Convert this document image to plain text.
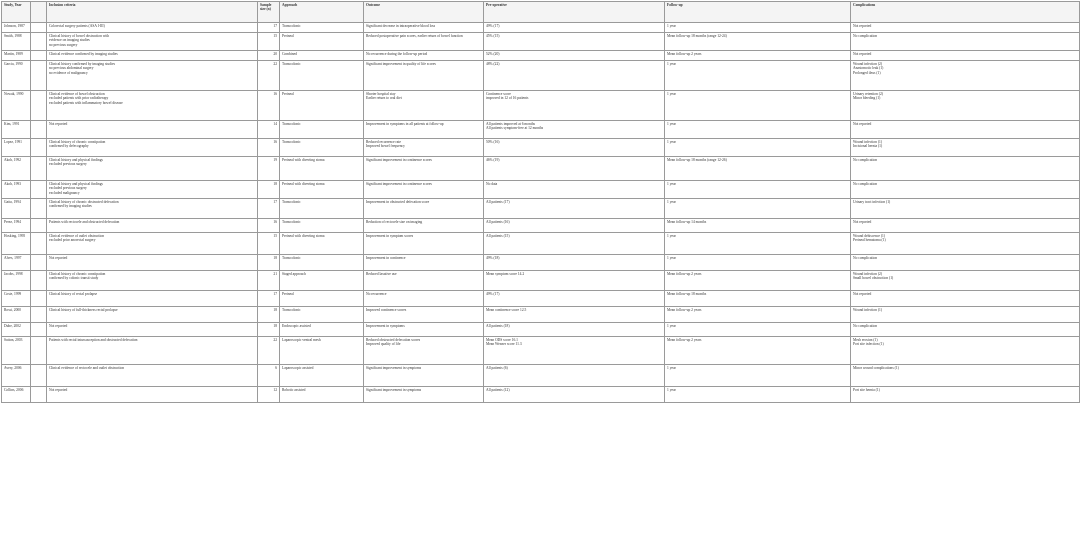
Study, Year		Inclusion criteria	Sample size (n)	Approach	Outcome	Pre-operative	Follow-up	Complications
Johnson, 1987		Colorectal surgery patients (ASA I-III)	17	Transcolonic	Significant decrease in intraoperative blood loss	49% (17)	1 year	Not reported

Smith, 1988		Clinical history of bowel obstruction with
evidence on imaging studies
no previous surgery	15	Perineal	Reduced postoperative pain scores, earlier return of bowel function	45% (15)	Mean follow-up 18 months (range 12-24)	No complication

Martin, 1989		Clinical evidence confirmed by imaging studies	20	Combined	No recurrence during the follow-up period	52% (20)	Mean follow-up 2 years	Not reported

Garcia, 1990		Clinical history confirmed by imaging studies
no previous abdominal surgery
no evidence of malignancy	22	Transcolonic	Significant improvement in quality of life scores	48% (22)	1 year	Wound infection (2)
Anastomotic leak (1)
Prolonged ileus (1)

Nowak, 1990		Clinical evidence of bowel obstruction
excluded patients with prior radiotherapy
excluded patients with inflammatory bowel disease	16	Perineal	Shorter hospital stay
Earlier return to oral diet	Continence score
improved in 12 of 16 patients	1 year	Urinary retention (2)
Minor bleeding (1)

Kim, 1991		Not reported	14	Transcolonic	Improvement in symptoms in all patients at follow-up	All patients improved at 6 months
All patients symptom-free at 12 months	1 year	Not reported

Lopez, 1991		Clinical history of chronic constipation
confirmed by defecography	16	Transcolonic	Reduced recurrence rate
Improved bowel frequency	50% (16)	1 year	Wound infection (1)
Incisional hernia (1)

Akoh, 1992		Clinical history and physical findings
excluded previous surgery	19	Perineal with diverting stoma	Significant improvement in continence scores	46% (19)	Mean follow-up 18 months (range 12-26)	No complication

Akoh, 1993		Clinical history and physical findings
excluded previous surgery
excluded malignancy	18	Perineal with diverting stoma	Significant improvement in continence scores	No data	1 year	No complication

Gatta, 1994		Clinical history of chronic obstructed defecation
confirmed by imaging studies	17	Transcolonic	Improvement in obstructed defecation score	All patients (17)	1 year	Urinary tract infection (1)

Perez, 1994		Patients with rectocele and obstructed defecation	16	Transcolonic	Reduction of rectocele size on imaging	All patients (16)	Mean follow-up 14 months	Not reported

Hosking, 1995		Clinical evidence of outlet obstruction
excluded prior anorectal surgery	15	Perineal with diverting stoma	Improvement in symptom scores	All patients (15)	1 year	Wound dehiscence (1)
Perineal hematoma (1)

Alves, 1997		Not reported	18	Transcolonic	Improvement in continence	49% (18)	1 year	No complication

Jacobs, 1998		Clinical history of chronic constipation
confirmed by colonic transit study	21	Staged approach	Reduced laxative use	Mean symptom score 14.2	Mean follow-up 2 years	Wound infection (2)
Small bowel obstruction (1)

Coste, 1999		Clinical history of rectal prolapse	17	Perineal	No recurrence	49% (17)	Mean follow-up 18 months	Not reported

Rossi, 2000		Clinical history of full-thickness rectal prolapse	18	Transcolonic	Improved continence scores	Mean continence score 12.5	Mean follow-up 2 years	Wound infection (1)

Dube, 2002		Not reported	18	Endoscopic assisted	Improvement in symptoms	All patients (18)	1 year	No complication

Sutton, 2003		Patients with rectal intussusception and obstructed defecation	22	Laparoscopic ventral mesh	Reduced obstructed defecation scores
Improved quality of life	Mean ODS score 16.1
Mean Wexner score 11.3	Mean follow-up 2 years	Mesh erosion (1)
Port site infection (1)

Avery, 2006		Clinical evidence of rectocele and outlet obstruction	6	Laparoscopic assisted	Significant improvement in symptoms	All patients (6)	1 year	Minor wound complications (1)

Collins, 2006		Not reported	12	Robotic assisted	Significant improvement in symptoms	All patients (12)	1 year	Port site hernia (1)
